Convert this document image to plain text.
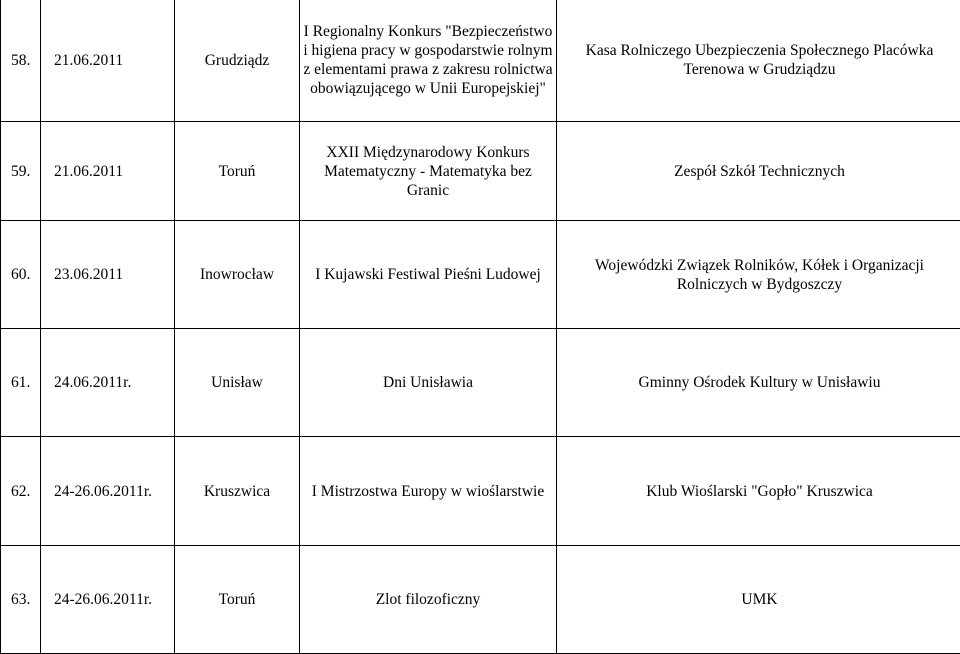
58.	21.06.2011	Grudziądz	I Regionalny Konkurs "Bezpieczeństwo i higiena pracy w gospodarstwie rolnym z elementami prawa z zakresu rolnictwa obowiązującego w Unii Europejskiej"	Kasa Rolniczego Ubezpieczenia Społecznego Placówka Terenowa w Grudziądzu
59.	21.06.2011	Toruń	XXII Międzynarodowy Konkurs Matematyczny - Matematyka bez Granic	Zespół Szkół Technicznych
60.	23.06.2011	Inowrocław	I Kujawski Festiwal Pieśni Ludowej	Wojewódzki Związek Rolników, Kółek i Organizacji Rolniczych w Bydgoszczy
61.	24.06.2011r.	Unisław	Dni Unisławia	Gminny Ośrodek Kultury w Unisławiu
62.	24-26.06.2011r.	Kruszwica	I Mistrzostwa Europy w wioślarstwie	Klub Wioślarski "Gopło" Kruszwica
63.	24-26.06.2011r.	Toruń	Zlot filozoficzny	UMK
